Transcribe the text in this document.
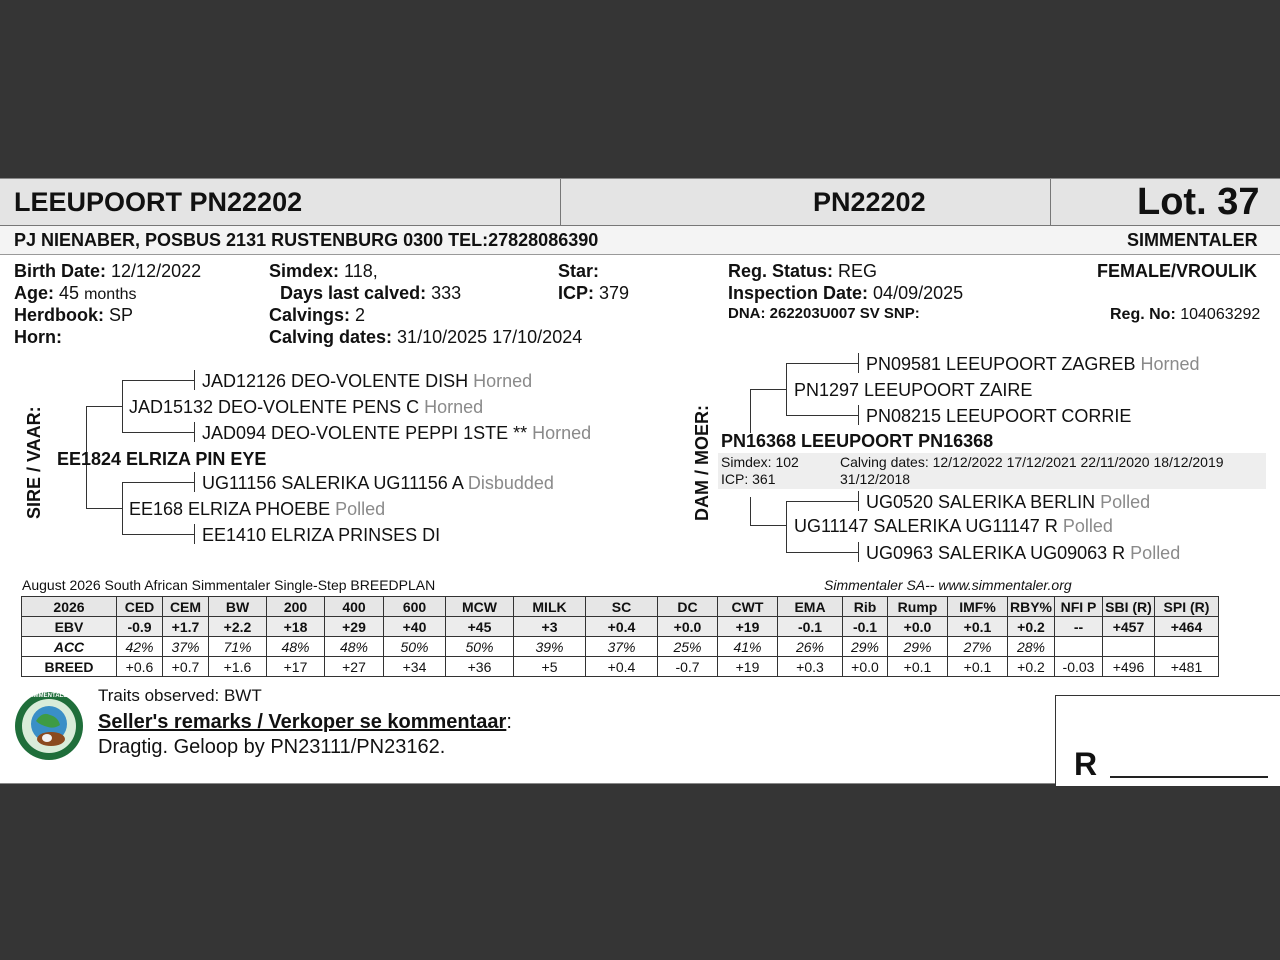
LEEUPOORT PN22202	PN22202	Lot. 37
PJ NIENABER, POSBUS 2131 RUSTENBURG 0300 TEL:27828086390	SIMMENTALER
Birth Date: 12/12/2022
Age: 45 months
Herdbook: SP
Horn:
Simdex: 118,
Days last calved: 333
Calvings: 2
Calving dates: 31/10/2025 17/10/2024
Star:
ICP: 379
Reg. Status: REG
Inspection Date: 04/09/2025
DNA: 262203U007 SV SNP:
FEMALE/VROULIK
Reg. No: 104063292
SIRE / VAAR:
JAD12126 DEO-VOLENTE DISH Horned
JAD15132 DEO-VOLENTE PENS C Horned
JAD094 DEO-VOLENTE PEPPI 1STE ** Horned
EE1824 ELRIZA PIN EYE
UG11156 SALERIKA UG11156 A Disbudded
EE168 ELRIZA PHOEBE Polled
EE1410 ELRIZA PRINSES DI
DAM / MOER:
PN09581 LEEUPOORT ZAGREB Horned
PN1297 LEEUPOORT ZAIRE
PN08215 LEEUPOORT CORRIE
PN16368 LEEUPOORT PN16368
Simdex: 102
ICP: 361
Calving dates: 12/12/2022 17/12/2021 22/11/2020 18/12/2019
31/12/2018
UG0520 SALERIKA BERLIN Polled
UG11147 SALERIKA UG11147 R Polled
UG0963 SALERIKA UG09063 R Polled
August 2026 South African Simmentaler Single-Step BREEDPLAN	Simmentaler SA-- www.simmentaler.org
2026	CED	CEM	BW	200	400	600	MCW	MILK	SC	DC	CWT	EMA	Rib	Rump	IMF%	RBY%	NFI P	SBI (R)	SPI (R)
EBV	-0.9	+1.7	+2.2	+18	+29	+40	+45	+3	+0.4	+0.0	+19	-0.1	-0.1	+0.0	+0.1	+0.2	--	+457	+464
ACC	42%	37%	71%	48%	48%	50%	50%	39%	37%	25%	41%	26%	29%	29%	27%	28%			
BREED	+0.6	+0.7	+1.6	+17	+27	+34	+36	+5	+0.4	-0.7	+19	+0.3	+0.0	+0.1	+0.1	+0.2	-0.03	+496	+481
SIMMENTALER Traits observed: BWT
Seller's remarks / Verkoper se kommentaar:
Dragtig. Geloop by PN23111/PN23162.	R
